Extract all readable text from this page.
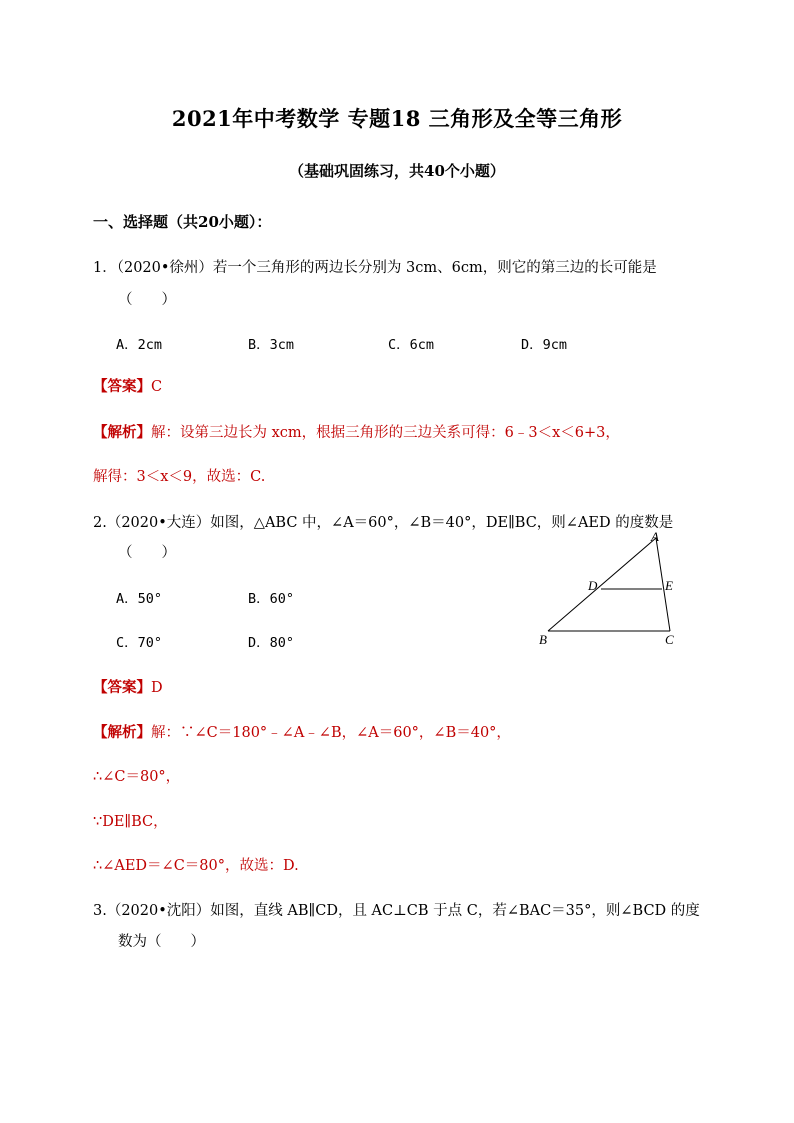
2021年中考数学 专题18 三角形及全等三角形
（基础巩固练习，共40个小题）
一、选择题（共20小题）：
1．（2020•徐州）若一个三角形的两边长分别为 3cm、6cm，则它的第三边的长可能是
（　　）
A．2cm	B．3cm	C．6cm	D．9cm
【答案】C
【解析】解：设第三边长为 xcm，根据三角形的三边关系可得：6﹣3＜x＜6+3，
解得：3＜x＜9，故选：C.
2.（2020•大连）如图，△ABC 中，∠A＝60°，∠B＝40°，DE∥BC，则∠AED 的度数是
（　　）
A．50°	B．60°
C．70°	D．80°
A
B	C
D	E
【答案】D
【解析】解：∵∠C＝180°﹣∠A﹣∠B，∠A＝60°，∠B＝40°，
∴∠C＝80°，
∵DE∥BC，
∴∠AED＝∠C＝80°，故选：D.
3.（2020•沈阳）如图，直线 AB∥CD，且 AC⊥CB 于点 C，若∠BAC＝35°，则∠BCD 的度
数为（　　）
